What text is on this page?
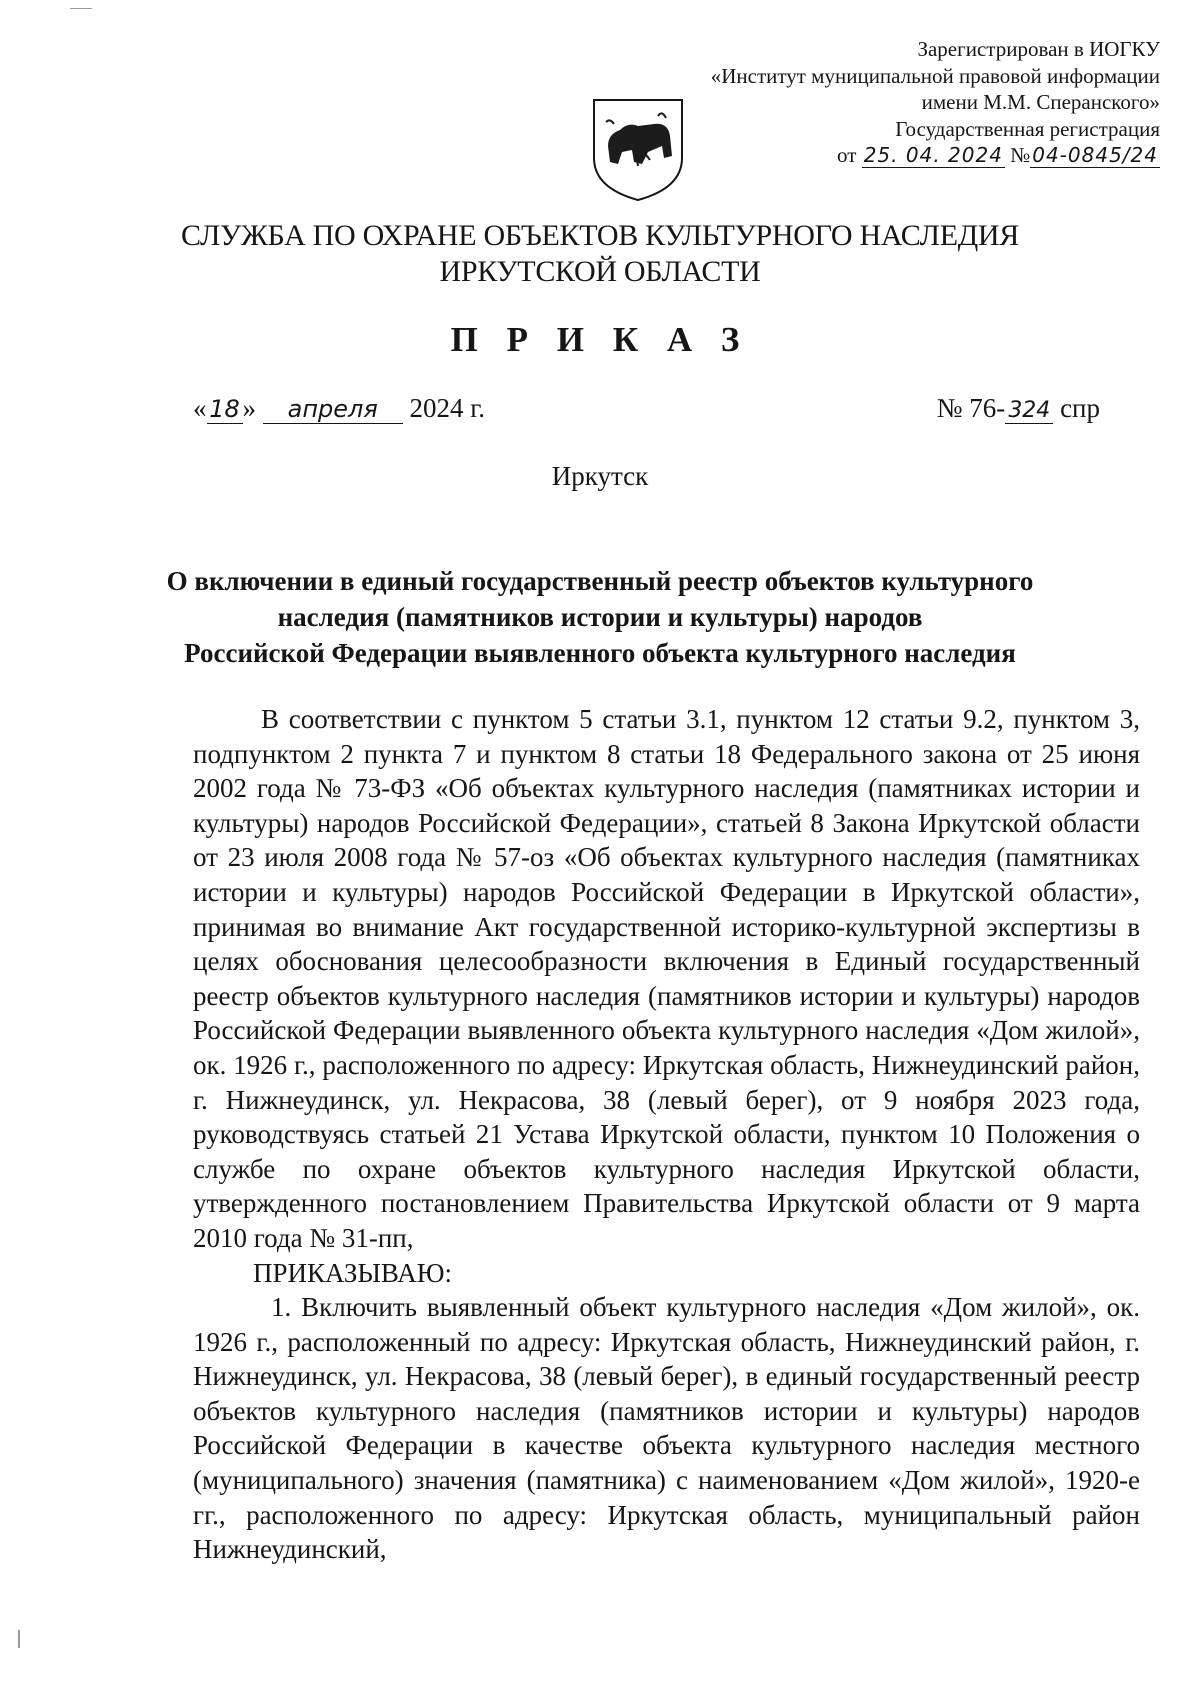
Зарегистрирован в ИОГКУ
«Институт муниципальной правовой информации
имени М.М. Сперанского»
Государственная регистрация
от 25. 04. 2024 № 04-0845/24
СЛУЖБА ПО ОХРАНЕ ОБЪЕКТОВ КУЛЬТУРНОГО НАСЛЕДИЯ
ИРКУТСКОЙ ОБЛАСТИ
П Р И К А З
« 18 » апреля 2024 г.	№ 76- 324 спр
Иркутск
О включении в единый государственный реестр объектов культурного
наследия (памятников истории и культуры) народов
Российской Федерации выявленного объекта культурного наследия

В соответствии с пунктом 5 статьи 3.1, пунктом 12 статьи 9.2, пунктом 3, подпунктом 2 пункта 7 и пунктом 8 статьи 18 Федерального закона от 25 июня 2002 года № 73-ФЗ «Об объектах культурного наследия (памятниках истории и культуры) народов Российской Федерации», статьей 8 Закона Иркутской области от 23 июля 2008 года № 57-оз «Об объектах культурного наследия (памятниках истории и культуры) народов Российской Федерации в Иркутской области», принимая во внимание Акт государственной историко-культурной экспертизы в целях обоснования целесообразности включения в Единый государственный реестр объектов культурного наследия (памятников истории и культуры) народов Российской Федерации выявленного объекта культурного наследия «Дом жилой», ок. 1926 г., расположенного по адресу: Иркутская область, Нижнеудинский район, г. Нижнеудинск, ул. Некрасова, 38 (левый берег), от 9 ноября 2023 года, руководствуясь статьей 21 Устава Иркутской области, пунктом 10 Положения о службе по охране объектов культурного наследия Иркутской области, утвержденного постановлением Правительства Иркутской области от 9 марта 2010 года № 31-пп,

ПРИКАЗЫВАЮ:

1. Включить выявленный объект культурного наследия «Дом жилой», ок. 1926 г., расположенный по адресу: Иркутская область, Нижнеудинский район, г. Нижнеудинск, ул. Некрасова, 38 (левый берег), в единый государственный реестр объектов культурного наследия (памятников истории и культуры) народов Российской Федерации в качестве объекта культурного наследия местного (муниципального) значения (памятника) с наименованием «Дом жилой», 1920-е гг., расположенного по адресу: Иркутская область, муниципальный район Нижнеудинский,
